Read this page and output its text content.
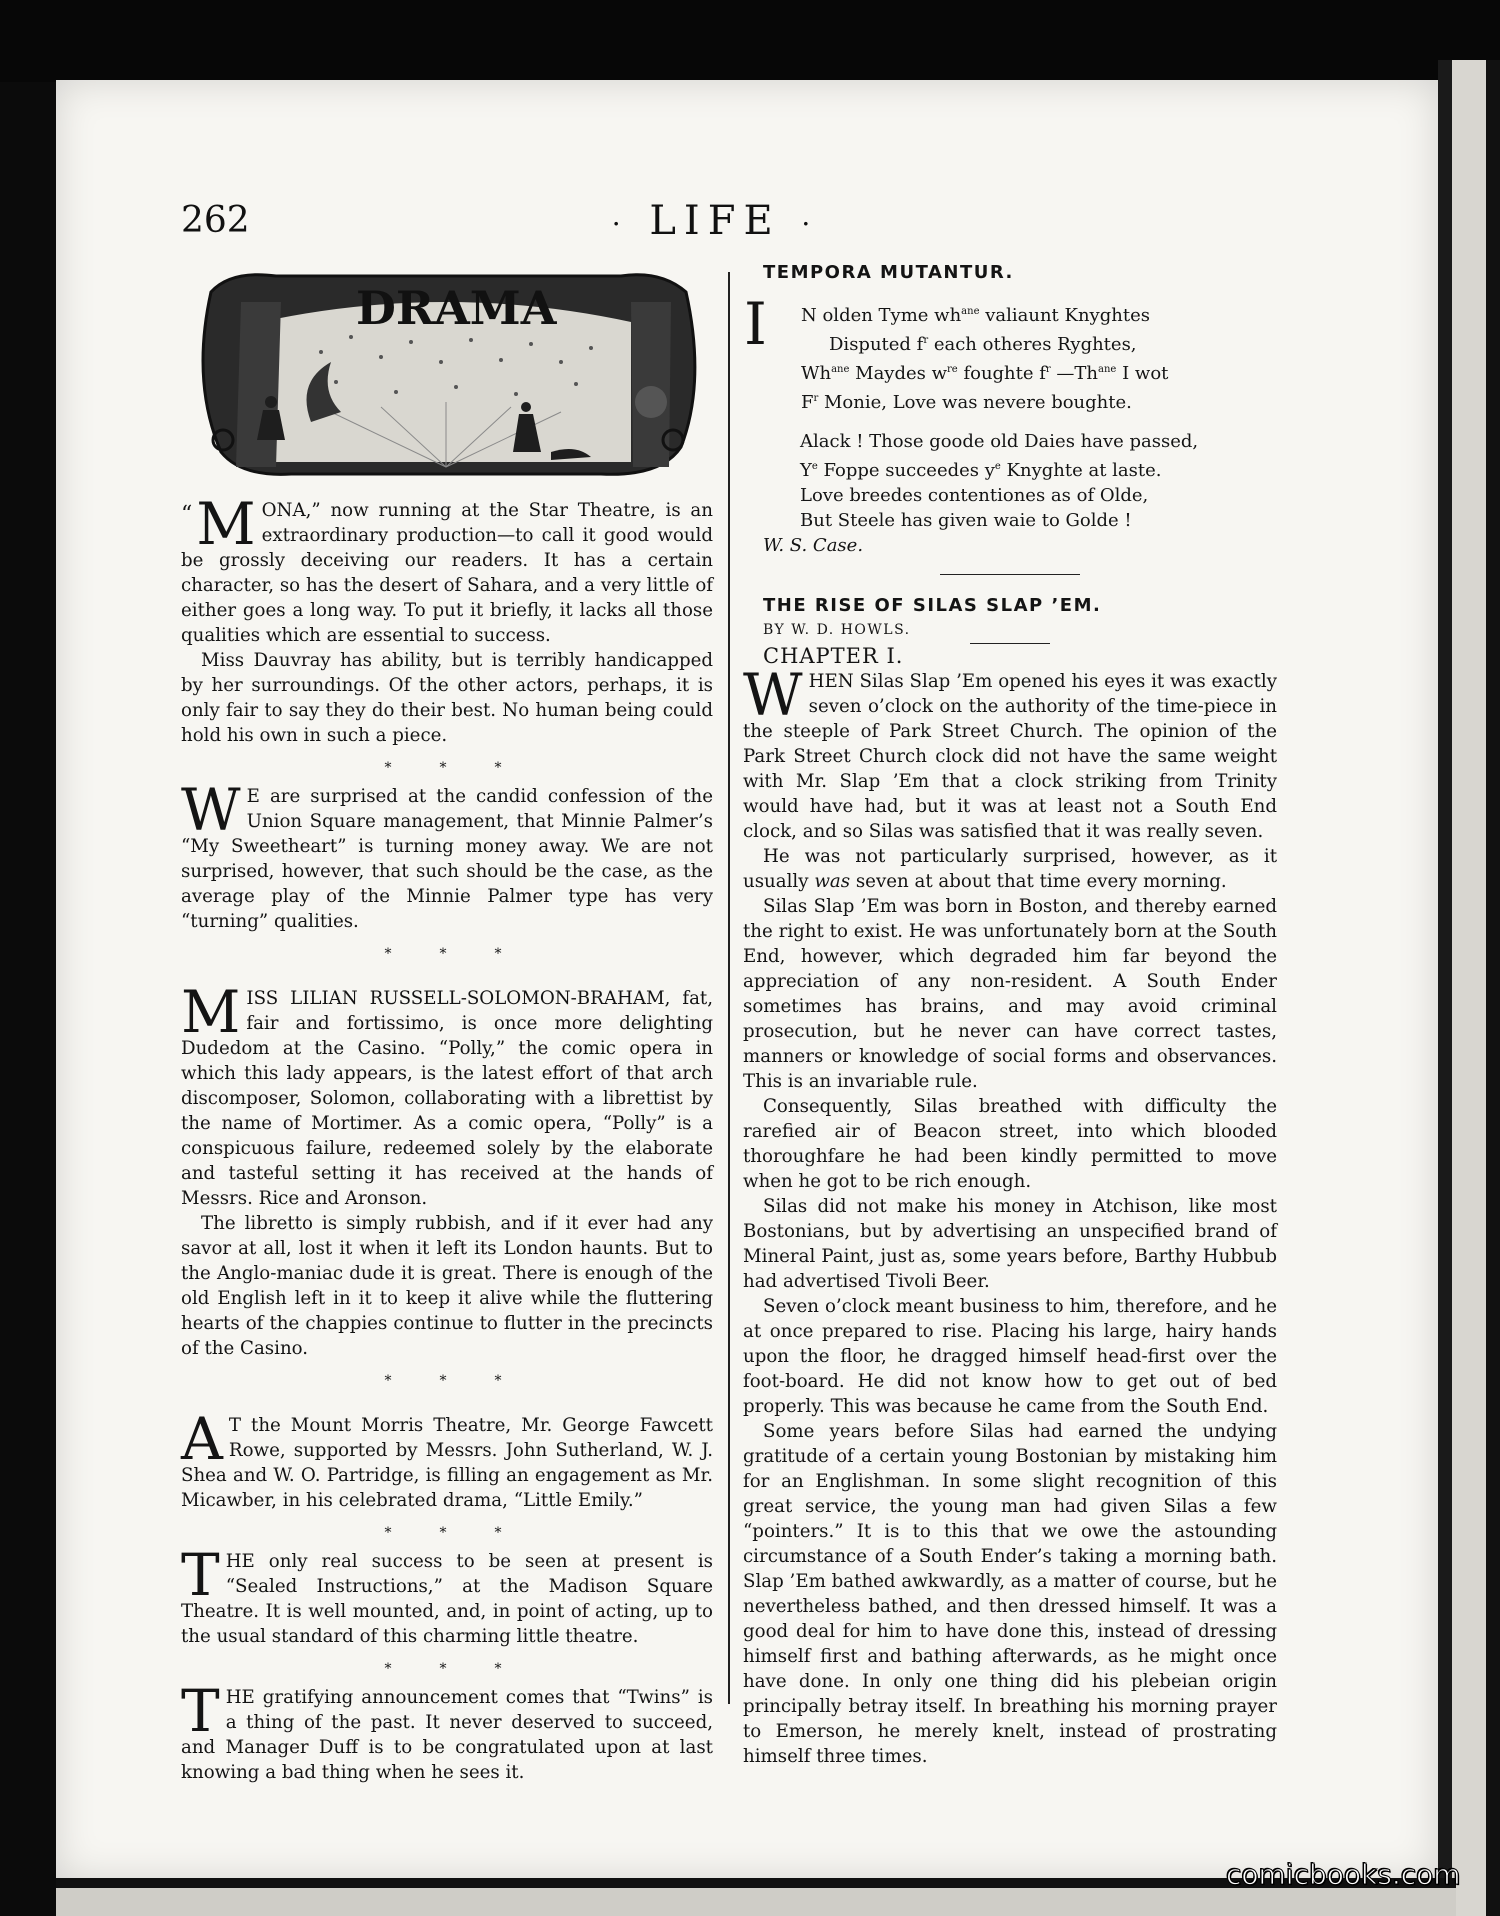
262	· LIFE ·
DRAMA

“ M ONA,” now running at the Star Theatre, is an extraordinary production—to call it good would be grossly deceiving our readers. It has a certain character, so has the desert of Sahara, and a very little of either goes a long way. To put it briefly, it lacks all those qualities which are essential to success.

Miss Dauvray has ability, but is terribly handicapped by her surroundings. Of the other actors, perhaps, it is only fair to say they do their best. No human being could hold his own in such a piece.

***

W E are surprised at the candid confession of the Union Square management, that Minnie Palmer’s “My Sweetheart” is turning money away. We are not surprised, however, that such should be the case, as the average play of the Minnie Palmer type has very “turning” qualities.

***

MISS LILIAN RUSSELL-SOLOMON-BRAHAM, fat, fair and fortissimo, is once more delighting Dudedom at the Casino. “Polly,” the comic opera in which this lady appears, is the latest effort of that arch discomposer, Solomon, collaborating with a librettist by the name of Mortimer. As a comic opera, “Polly” is a conspicuous failure, redeemed solely by the elaborate and tasteful setting it has received at the hands of Messrs. Rice and Aronson.

The libretto is simply rubbish, and if it ever had any savor at all, lost it when it left its London haunts. But to the Anglo-maniac dude it is great. There is enough of the old English left in it to keep it alive while the fluttering hearts of the chappies continue to flutter in the precincts of the Casino.

***

A T the Mount Morris Theatre, Mr. George Fawcett Rowe, supported by Messrs. John Sutherland, W. J. Shea and W. O. Partridge, is filling an engagement as Mr. Micawber, in his celebrated drama, “Little Emily.”

***

THE only real success to be seen at present is “Sealed Instructions,” at the Madison Square Theatre. It is well mounted, and, in point of acting, up to the usual standard of this charming little theatre.

***

THE gratifying announcement comes that “Twins” is a thing of the past. It never deserved to succeed, and Manager Duff is to be congratulated upon at last knowing a bad thing when he sees it.

TEMPORA MUTANTUR.

I N olden Tyme $wh^{ane}$ valiaunt Knyghtes
Disputed $f^r$ each otheres Ryghtes,
$Wh^{ane}$ Maydes $w^{re}$ foughte $f^r$ $—Th^{ane}$ I wot
$F^r$ Monie, Love was nevere boughte.
Alack ! Those goode old Daies have passed,
$Y^e$ Foppe succeedes $y^e$ Knyghte at laste.
Love breedes contentiones as of Olde,
But Steele has given waie to Golde !

W. S. Case.

THE RISE OF SILAS SLAP ’EM.

BY W. D. HOWLS.

CHAPTER I.

WHEN Silas Slap ’Em opened his eyes it was exactly seven o’clock on the authority of the time-piece in the steeple of Park Street Church. The opinion of the Park Street Church clock did not have the same weight with Mr. Slap ’Em that a clock striking from Trinity would have had, but it was at least not a South End clock, and so Silas was satisfied that it was really seven.

He was not particularly surprised, however, as it usually was seven at about that time every morning.

Silas Slap ’Em was born in Boston, and thereby earned the right to exist. He was unfortunately born at the South End, however, which degraded him far beyond the appreciation of any non-resident. A South Ender sometimes has brains, and may avoid criminal prosecution, but he never can have correct tastes, manners or knowledge of social forms and observances. This is an invariable rule.

Consequently, Silas breathed with difficulty the rarefied air of Beacon street, into which blooded thoroughfare he had been kindly permitted to move when he got to be rich enough.

Silas did not make his money in Atchison, like most Bostonians, but by advertising an unspecified brand of Mineral Paint, just as, some years before, Barthy Hubbub had advertised Tivoli Beer.

Seven o’clock meant business to him, therefore, and he at once prepared to rise. Placing his large, hairy hands upon the floor, he dragged himself head-first over the foot-board. He did not know how to get out of bed properly. This was because he came from the South End.

Some years before Silas had earned the undying gratitude of a certain young Bostonian by mistaking him for an Englishman. In some slight recognition of this great service, the young man had given Silas a few “pointers.” It is to this that we owe the astounding circumstance of a South Ender’s taking a morning bath. Slap ’Em bathed awkwardly, as a matter of course, but he nevertheless bathed, and then dressed himself. It was a good deal for him to have done this, instead of dressing himself first and bathing afterwards, as he might once have done. In only one thing did his plebeian origin principally betray itself. In breathing his morning prayer to Emerson, he merely knelt, instead of prostrating himself three times.

comicbooks.com
